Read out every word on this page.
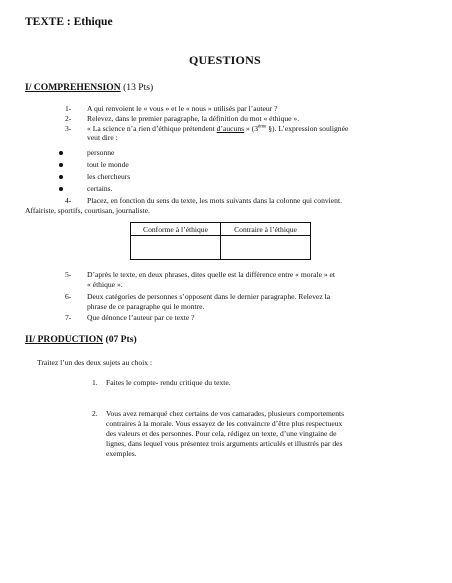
TEXTE : Ethique
QUESTIONS
I/ COMPREHENSION (13 Pts)
1- A qui renvoient le « vous » et le « nous » utilisés par l’auteur ?
2- Relevez, dans le premier paragraphe, la définition du mot « éthique ».
3- « La science n’a rien d’éthique prétendent d’aucuns » (3ème §). L’expression soulignée
veut dire :
personne
tout le monde
les chercheurs
certains.
4- Placez, en fonction du sens du texte, les mots suivants dans la colonne qui convient.
Affairiste, sportifs, courtisan, journaliste.
Conforme à l’éthique	Contraire à l’éthique

5- D’après le texte, en deux phrases, dites quelle est la différence entre « morale » et
« éthique ».
6- Deux catégories de personnes s’opposent dans le dernier paragraphe. Relevez la
phrase de ce paragraphe qui le montre.
7- Que dénonce l’auteur par ce texte ?
II/ PRODUCTION (07 Pts)
Traitez l’un des deux sujets au choix :
1. Faites le compte- rendu critique du texte.
2. Vous avez remarqué chez certains de vos camarades, plusieurs comportements
contraires à la morale. Vous essayez de les convaincre d’être plus respectueux
des valeurs et des personnes. Pour cela, rédigez un texte, d’une vingtaine de
lignes, dans lequel vous présentez trois arguments articulés et illustrés par des
exemples.
